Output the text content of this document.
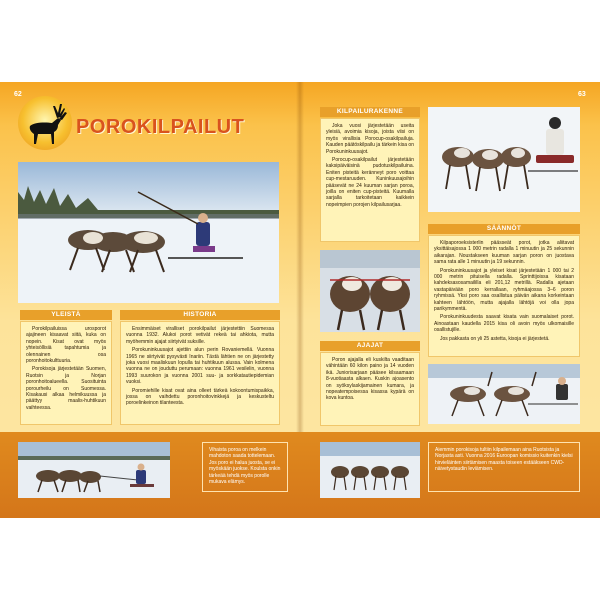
62	63
POROKILPAILUT
YLEISTÄ

Porokilpailuissa urosporot ajajineen kisaavat siitä, kuka on nopein. Kisat ovat myös yhteisöllisiä tapahtumia ja olennainen osa poronhoitokulttuuria.

Porokisoja järjestetään Suomen, Ruotsin ja Norjan poronhoitoalueella. Suosituinta porourheilu on Suomessa. Kisakausi alkaa helmikuussa ja päättyy maalis-huhtikuun vaihteessa.

HISTORIA

Ensimmäiset viralliset porokilpailut järjestettiin Suomessa vuonna 1932. Alukoi porot vetivät rekeä tai ahkiota, mutta myöhemmin ajajat siirtyivät suksille.

Porokuninkuusajot ajettiin alun perin Rovaniemellä. Vuonna 1965 ne siirtyivät pysyvästi Inariin. Tästä lähtien ne on järjestetty joka vuosi maaliskuun lopulla tai huhtikuun alussa. Vain kolmena vuonna ne on jouduttu perumaan: vuonna 1961 vesilelin, vuonna 1993 suurokon ja vuonna 2001 suu- ja sorkkatautiepidemian vuoksi.

Poromiehille kisat ovat aina olleet tärkeä kokoontumispaikka, jossa on vaihdettu poronhoitovinkkejä ja keskusteltu poroelinkeinon tilanteesta.

Vihaista poroa on melkein mahdoton saada tottelemaan. Jos poro ei halua juosta, se ei myöskään juokse. Koulsta onkin tärkeää tehdä myös porolle mukava elämys.
KILPAILURAKENNE

Joka vuosi järjestetään useita yleisiä, avoimia kisoja, joista viisi on myös virallisia Porocup-osakilpailuja. Kauden päätöskilpailu ja tärkein kisa on Porokuninkuusajot.

Porocup-osakilpailut järjestetään kaksipäiväisinä pudotuskilpailuina. Eniten pisteitä keränneyt poro voittaa cup-mestaruuden. Kuninkuusajoihin pääsevät ne 24 kuuman sarjan poroa, joilla on eniten cup-pisteitä. Kuumalla sarjalla tarkoitetaan kaikkein nopeimpien porojen kilpailusarjaa.

SÄÄNNÖT

Kilpaporoeksisterlin päässeät porot, jotka aliitavat yksittäisajossa 1 000 metrin radalla 1 minuutin ja 25 sekunnin aikarajan. Noustakseen kuuman sarjan poron on juostava sama rata alle 1 minuutin ja 19 sekunnin.

Porokuninkuusajot ja yleiset kisat järjestetään 1 000 tai 2 000 metrin pituisella radalla. Sprinttijoissa kisataan kahdeksasosamaililla eli 201,12 metrillä. Radalla ajetaan vastapäivään poro kerrallaan, ryhmäajossa 3–6 poron ryhmissä. Yksi poro saa osallistua päivän aikana korkeintaan kahteen lähtöön, mutta ajajalla lähtöjä voi olla jopa parikymmentä.

Porokuninkuudesta saavat kisata vain suomalaiset porot. Ainoastaan kaudella 2015 kisa oli avoin myös ulkomaisille osallistujille.

Jos pakkasta on yli 25 astetta, kisoja ei järjestetä.

AJAJAT

Poron ajajalla eli kuskilta vaaditaan vähintään 60 kilon paino ja 14 vuoden ikä. Juniorisarjaan pääsee kilsaamaan 8-vuotiaasta alkaen. Kuskin ajoasento on syöksylaskijamainen kumara, ja nopeatempoisessa kisassa kypärä on kova kuntoa.

Aiemmin porokisoja tultiin kilpailemaan aina Ruotsista ja Norjasta asti. Vuonna 2016 Euroopan komissio kuitenkin kielsi hirvieläinten siirtämisen maasta toiseen estääkseen CWD-näivetystaudin leviämisen.
